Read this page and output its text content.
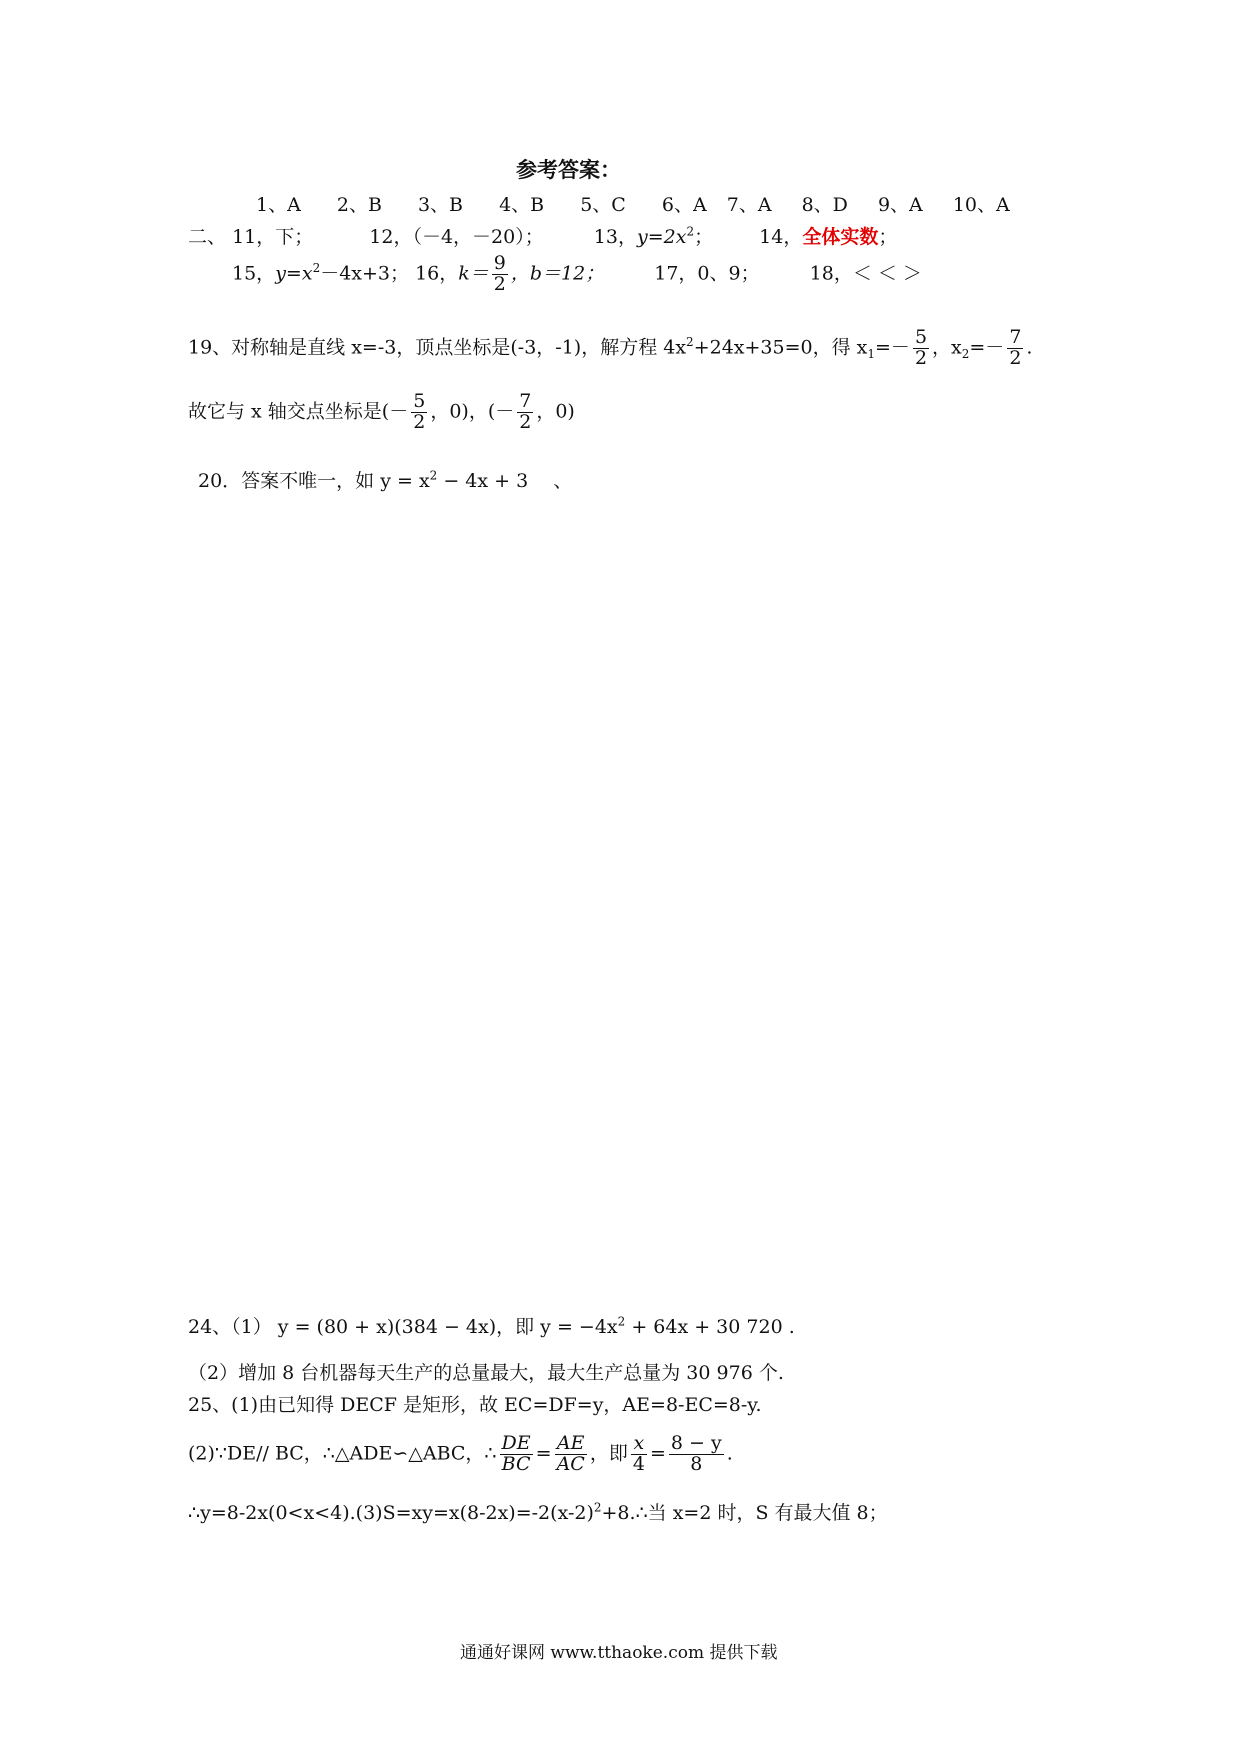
参考答案：
1、A 2、B 3、B 4、B 5、C 6、A 7、A 8、D 9、A 10、A
二、 11，下；	12，（－4，－20）；	13，$y=2x^2$； 14，全体实数；
15，$y=x^2-4x+3$； 16，$k= \frac{9}{2}$ ，b＝12；	17，0、9；	18，＜ ＜ ＞
19、对称轴是直线 x=-3，顶点坐标是(-3，-1)，解方程 $4x^2+24x+35=0$，得 $x_1=- \frac{5}{2}$ ，$x_2=- \frac{7}{2}$ .
故它与 x 轴交点坐标是(－ $\frac{5}{2}$ ，0)，(－ $\frac{7}{2}$ ，0)
20．答案不唯一，如 $y = x^2 - 4x + 3$　 、
24、（1） y = (80 + x)(384 − 4x)，即 $y = -4x^2 + 64x + 30$ 720 .
（2）增加 8 台机器每天生产的总量最大，最大生产总量为 30 976 个.
25、(1)由已知得 DECF 是矩形，故 EC=DF=y，AE=8-EC=8-y.
(2)∵DE// BC，∴△ADE∽△ABC，∴ $\frac{DE}{BC} = \frac{AE}{AC}$ ，即 $\frac{x}{4} = \frac{8 - y}{8}$ .
$\therefore y=8-2x(0<x<4).(3)S=xy=x(8-2x)=-2(x-2)^2+8.\therefore$当 x=2 时，S 有最大值 8；
通通好课网 www.tthaoke.com 提供下载
